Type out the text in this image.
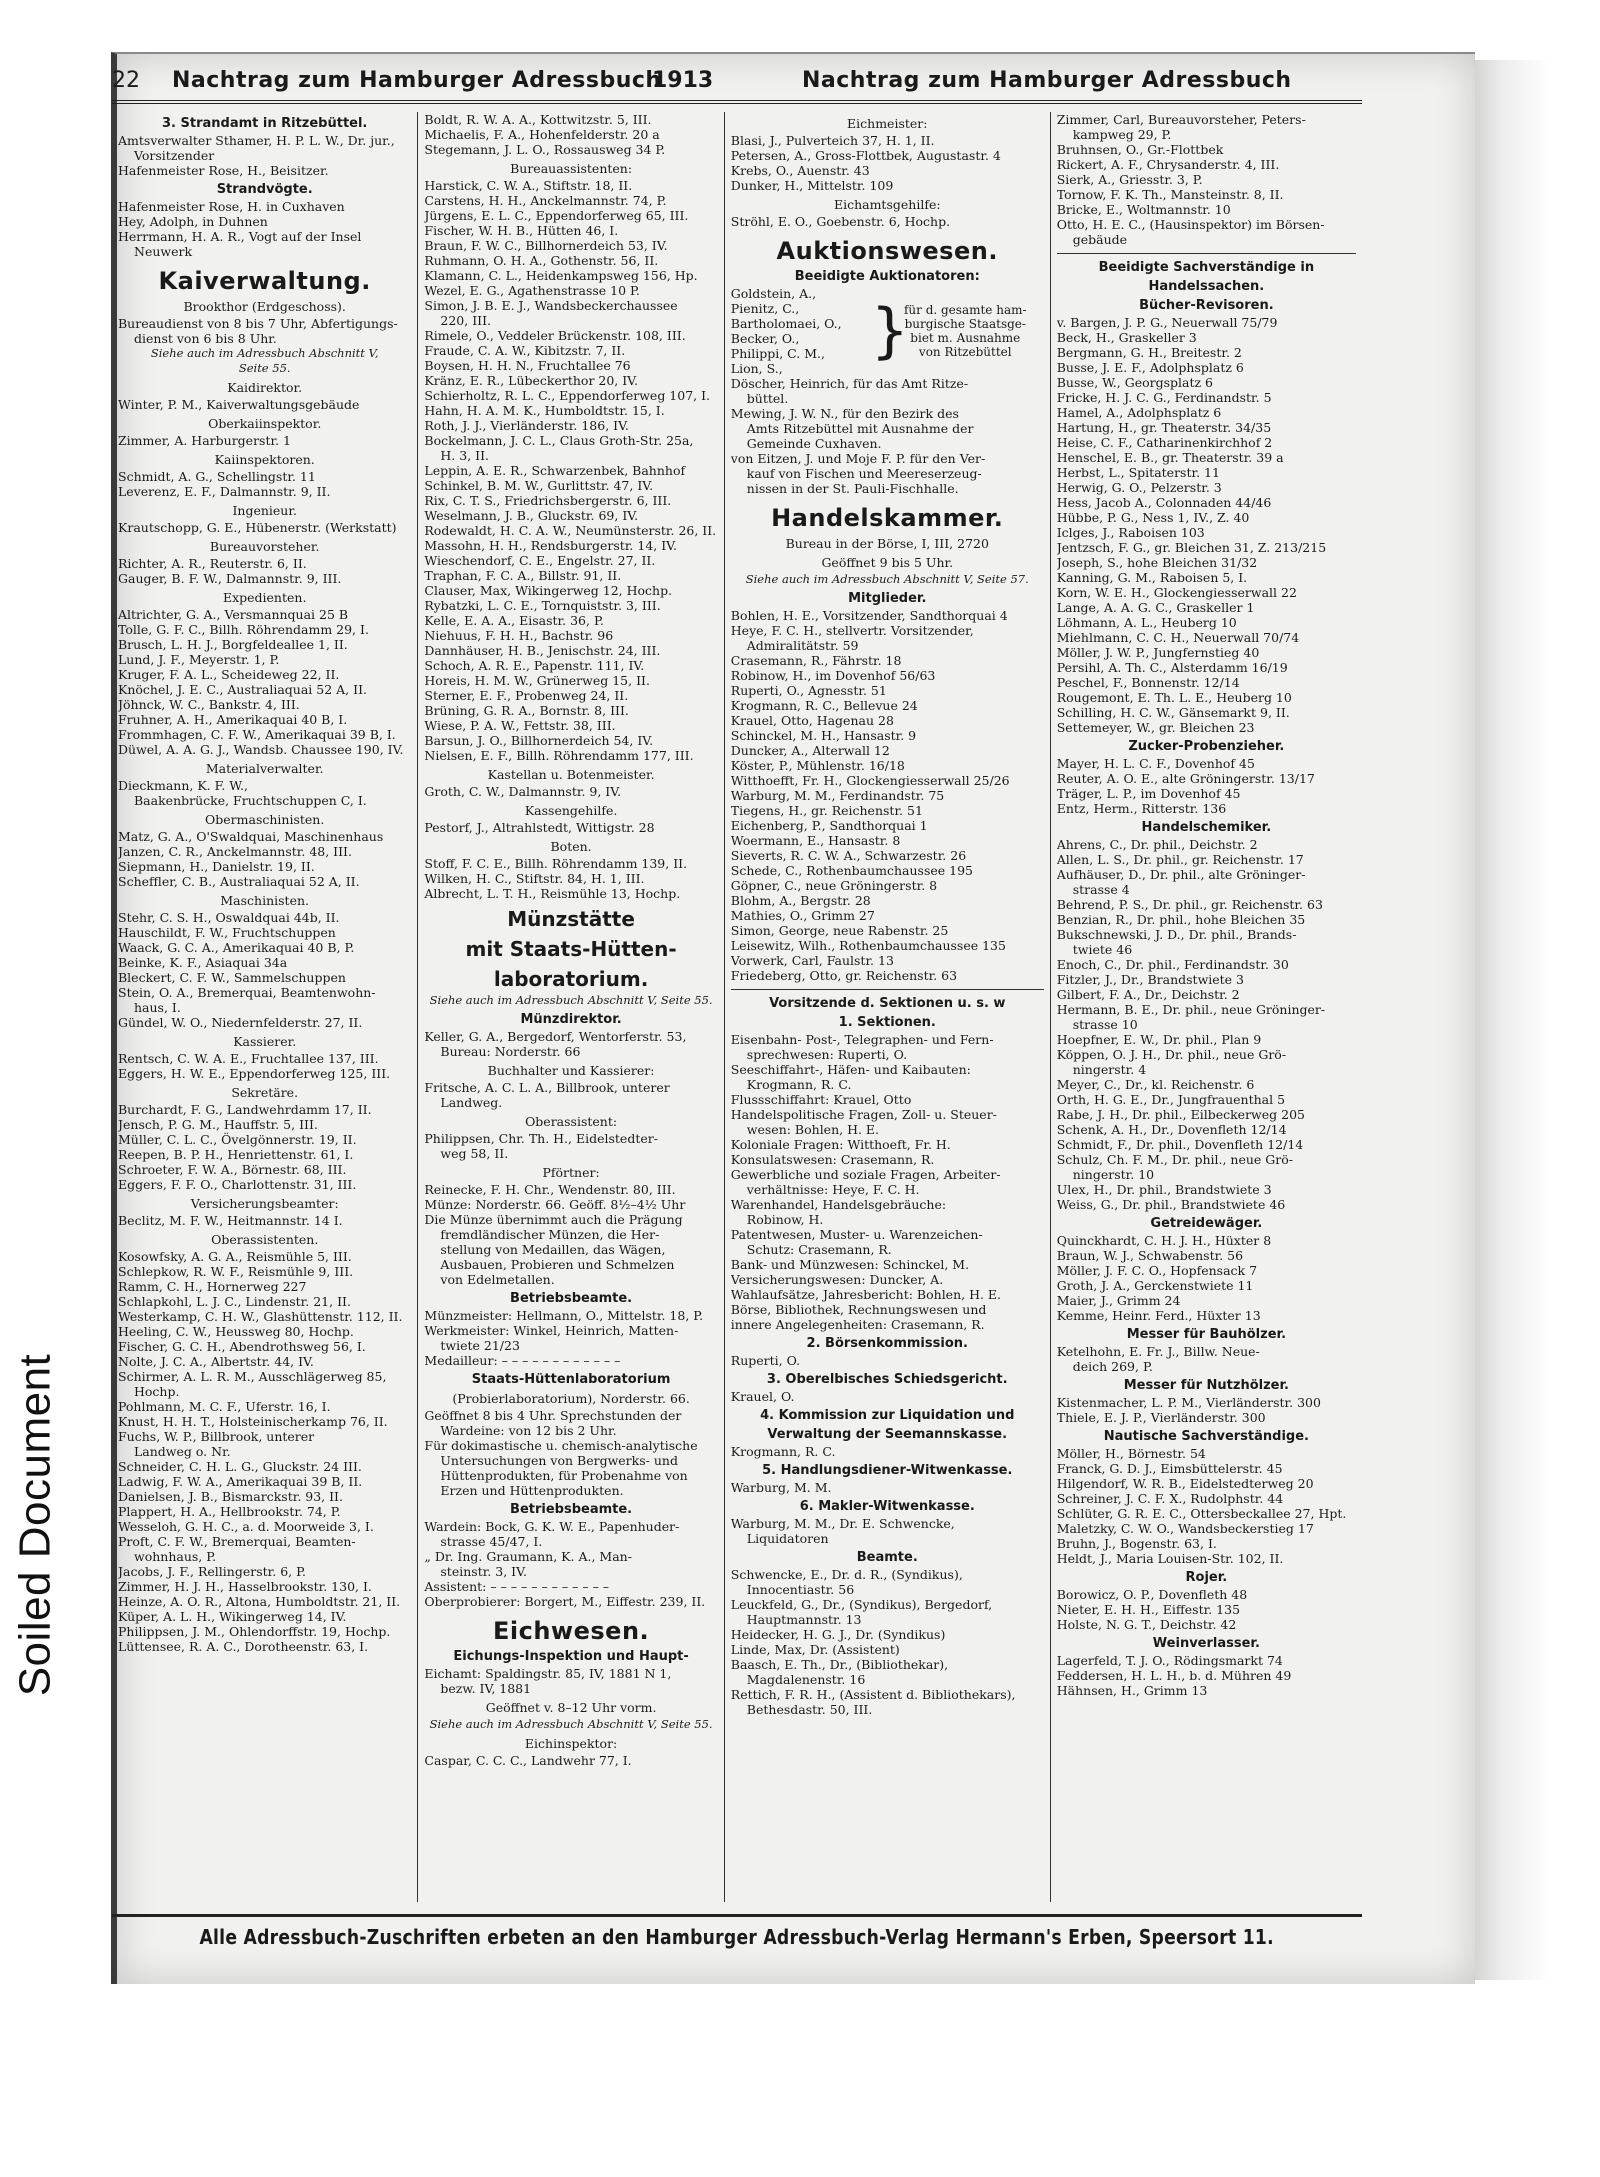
22	Nachtrag zum Hamburger Adressbuch
1913	Nachtrag zum Hamburger Adressbuch
3. Strandamt in Ritzebüttel.
Amtsverwalter Sthamer, H. P. L. W., Dr. jur.,
Vorsitzender
Hafenmeister Rose, H., Beisitzer.
Strandvögte.
Hafenmeister Rose, H. in Cuxhaven
Hey, Adolph, in Duhnen
Herrmann, H. A. R., Vogt auf der Insel
Neuwerk
Kaiverwaltung.
Brookthor (Erdgeschoss).
Bureaudienst von 8 bis 7 Uhr, Abfertigungs-
dienst von 6 bis 8 Uhr.
Siehe auch im Adressbuch Abschnitt V,
Seite 55.
Kaidirektor.
Winter, P. M., Kaiverwaltungsgebäude
Oberkaiinspektor.
Zimmer, A. Harburgerstr. 1
Kaiinspektoren.
Schmidt, A. G., Schellingstr. 11
Leverenz, E. F., Dalmannstr. 9, II.
Ingenieur.
Krautschopp, G. E., Hübenerstr. (Werkstatt)
Bureauvorsteher.
Richter, A. R., Reuterstr. 6, II.
Gauger, B. F. W., Dalmannstr. 9, III.
Expedienten.
Altrichter, G. A., Versmannquai 25 B
Tolle, G. F. C., Billh. Röhrendamm 29, I.
Brusch, L. H. J., Borgfeldeallee 1, II.
Lund, J. F., Meyerstr. 1, P.
Kruger, F. A. L., Scheideweg 22, II.
Knöchel, J. E. C., Australiaquai 52 A, II.
Jöhnck, W. C., Bankstr. 4, III.
Fruhner, A. H., Amerikaquai 40 B, I.
Frommhagen, C. F. W., Amerikaquai 39 B, I.
Düwel, A. A. G. J., Wandsb. Chaussee 190, IV.
Materialverwalter.
Dieckmann, K. F. W.,
Baakenbrücke, Fruchtschuppen C, I.
Obermaschinisten.
Matz, G. A., O'Swaldquai, Maschinenhaus
Janzen, C. R., Anckelmannstr. 48, III.
Siepmann, H., Danielstr. 19, II.
Scheffler, C. B., Australiaquai 52 A, II.
Maschinisten.
Stehr, C. S. H., Oswaldquai 44b, II.
Hauschildt, F. W., Fruchtschuppen
Waack, G. C. A., Amerikaquai 40 B, P.
Beinke, K. F., Asiaquai 34a
Bleckert, C. F. W., Sammelschuppen
Stein, O. A., Bremerquai, Beamtenwohn-
haus, I.
Gündel, W. O., Niedernfelderstr. 27, II.
Kassierer.
Rentsch, C. W. A. E., Fruchtallee 137, III.
Eggers, H. W. E., Eppendorferweg 125, III.
Sekretäre.
Burchardt, F. G., Landwehrdamm 17, II.
Jensch, P. G. M., Hauffstr. 5, III.
Müller, C. L. C., Övelgönnerstr. 19, II.
Reepen, B. P. H., Henriettenstr. 61, I.
Schroeter, F. W. A., Börnestr. 68, III.
Eggers, F. F. O., Charlottenstr. 31, III.
Versicherungsbeamter:
Beclitz, M. F. W., Heitmannstr. 14 I.
Oberassistenten.
Kosowfsky, A. G. A., Reismühle 5, III.
Schlepkow, R. W. F., Reismühle 9, III.
Ramm, C. H., Hornerweg 227
Schlapkohl, L. J. C., Lindenstr. 21, II.
Westerkamp, C. H. W., Glashüttenstr. 112, II.
Heeling, C. W., Heussweg 80, Hochp.
Fischer, G. C. H., Abendrothsweg 56, I.
Nolte, J. C. A., Albertstr. 44, IV.
Schirmer, A. L. R. M., Ausschlägerweg 85,
Hochp.
Pohlmann, M. C. F., Uferstr. 16, I.
Knust, H. H. T., Holsteinischerkamp 76, II.
Fuchs, W. P., Billbrook, unterer
Landweg o. Nr.
Schneider, C. H. L. G., Gluckstr. 24 III.
Ladwig, F. W. A., Amerikaquai 39 B, II.
Danielsen, J. B., Bismarckstr. 93, II.
Plappert, H. A., Hellbrookstr. 74, P.
Wesseloh, G. H. C., a. d. Moorweide 3, I.
Proft, C. F. W., Bremerquai, Beamten-
wohnhaus, P.
Jacobs, J. F., Rellingerstr. 6, P.
Zimmer, H. J. H., Hasselbrookstr. 130, I.
Heinze, A. O. R., Altona, Humboldtstr. 21, II.
Küper, A. L. H., Wikingerweg 14, IV.
Philippsen, J. M., Ohlendorffstr. 19, Hochp.
Lüttensee, R. A. C., Dorotheenstr. 63, I.
Boldt, R. W. A. A., Kottwitzstr. 5, III.
Michaelis, F. A., Hohenfelderstr. 20 a
Stegemann, J. L. O., Rossausweg 34 P.
Bureauassistenten:
Harstick, C. W. A., Stiftstr. 18, II.
Carstens, H. H., Anckelmannstr. 74, P.
Jürgens, E. L. C., Eppendorferweg 65, III.
Fischer, W. H. B., Hütten 46, I.
Braun, F. W. C., Billhornerdeich 53, IV.
Ruhmann, O. H. A., Gothenstr. 56, II.
Klamann, C. L., Heidenkampsweg 156, Hp.
Wezel, E. G., Agathenstrasse 10 P.
Simon, J. B. E. J., Wandsbeckerchaussee
220, III.
Rimele, O., Veddeler Brückenstr. 108, III.
Fraude, C. A. W., Kibitzstr. 7, II.
Boysen, H. H. N., Fruchtallee 76
Kränz, E. R., Lübeckerthor 20, IV.
Schierholtz, R. L. C., Eppendorferweg 107, I.
Hahn, H. A. M. K., Humboldtstr. 15, I.
Roth, J. J., Vierländerstr. 186, IV.
Bockelmann, J. C. L., Claus Groth-Str. 25a,
H. 3, II.
Leppin, A. E. R., Schwarzenbek, Bahnhof
Schinkel, B. M. W., Gurlittstr. 47, IV.
Rix, C. T. S., Friedrichsbergerstr. 6, III.
Weselmann, J. B., Gluckstr. 69, IV.
Rodewaldt, H. C. A. W., Neumünsterstr. 26, II.
Massohn, H. H., Rendsburgerstr. 14, IV.
Wieschendorf, C. E., Engelstr. 27, II.
Traphan, F. C. A., Billstr. 91, II.
Clauser, Max, Wikingerweg 12, Hochp.
Rybatzki, L. C. E., Tornquiststr. 3, III.
Kelle, E. A. A., Eisastr. 36, P.
Niehuus, F. H. H., Bachstr. 96
Dannhäuser, H. B., Jenischstr. 24, III.
Schoch, A. R. E., Papenstr. 111, IV.
Horeis, H. M. W., Grünerweg 15, II.
Sterner, E. F., Probenweg 24, II.
Brüning, G. R. A., Bornstr. 8, III.
Wiese, P. A. W., Fettstr. 38, III.
Barsun, J. O., Billhornerdeich 54, IV.
Nielsen, E. F., Billh. Röhrendamm 177, III.
Kastellan u. Botenmeister.
Groth, C. W., Dalmannstr. 9, IV.
Kassengehilfe.
Pestorf, J., Altrahlstedt, Wittigstr. 28
Boten.
Stoff, F. C. E., Billh. Röhrendamm 139, II.
Wilken, H. C., Stiftstr. 84, H. 1, III.
Albrecht, L. T. H., Reismühle 13, Hochp.
Münzstätte
mit Staats-Hütten-
laboratorium.
Siehe auch im Adressbuch Abschnitt V, Seite 55.
Münzdirektor.
Keller, G. A., Bergedorf, Wentorferstr. 53,
Bureau: Norderstr. 66
Buchhalter und Kassierer:
Fritsche, A. C. L. A., Billbrook, unterer
Landweg.
Oberassistent:
Philippsen, Chr. Th. H., Eidelstedter-
weg 58, II.
Pförtner:
Reinecke, F. H. Chr., Wendenstr. 80, III.
Münze: Norderstr. 66. Geöff. 8½–4½ Uhr
Die Münze übernimmt auch die Prägung
fremdländischer Münzen, die Her-
stellung von Medaillen, das Wägen,
Ausbauen, Probieren und Schmelzen
von Edelmetallen.
Betriebsbeamte.
Münzmeister: Hellmann, O., Mittelstr. 18, P.
Werkmeister: Winkel, Heinrich, Matten-
twiete 21/23
Medailleur: – – – – – – – – – – – –
Staats-Hüttenlaboratorium
(Probierlaboratorium), Norderstr. 66.
Geöffnet 8 bis 4 Uhr. Sprechstunden der
Wardeine: von 12 bis 2 Uhr.
Für dokimastische u. chemisch-analytische
Untersuchungen von Bergwerks- und
Hüttenprodukten, für Probenahme von
Erzen und Hüttenprodukten.
Betriebsbeamte.
Wardein: Bock, G. K. W. E., Papenhuder-
strasse 45/47, I.
„ Dr. Ing. Graumann, K. A., Man-
steinstr. 3, IV.
Assistent: – – – – – – – – – – – –
Oberprobierer: Borgert, M., Eiffestr. 239, II.
Eichwesen.
Eichungs-Inspektion und Haupt-
Eichamt: Spaldingstr. 85, IV, 1881 N 1,
bezw. IV, 1881
Geöffnet v. 8–12 Uhr vorm.
Siehe auch im Adressbuch Abschnitt V, Seite 55.
Eichinspektor:
Caspar, C. C. C., Landwehr 77, I.
Eichmeister:
Blasi, J., Pulverteich 37, H. 1, II.
Petersen, A., Gross-Flottbek, Augustastr. 4
Krebs, O., Auenstr. 43
Dunker, H., Mittelstr. 109
Eichamtsgehilfe:
Ströhl, E. O., Goebenstr. 6, Hochp.
Auktionswesen.
Beeidigte Auktionatoren:
Goldstein, A.,
Pienitz, C.,
Bartholomaei, O.,
Becker, O.,
Philippi, C. M.,
Lion, S.,
}
für d. gesamte ham-
burgische Staatsge-
biet m. Ausnahme
von Ritzebüttel
Döscher, Heinrich, für das Amt Ritze-
büttel.
Mewing, J. W. N., für den Bezirk des
Amts Ritzebüttel mit Ausnahme der
Gemeinde Cuxhaven.
von Eitzen, J. und Moje F. P. für den Ver-
kauf von Fischen und Meereserzeug-
nissen in der St. Pauli-Fischhalle.
Handelskammer.
Bureau in der Börse, I, III, 2720
Geöffnet 9 bis 5 Uhr.
Siehe auch im Adressbuch Abschnitt V, Seite 57.
Mitglieder.
Bohlen, H. E., Vorsitzender, Sandthorquai 4
Heye, F. C. H., stellvertr. Vorsitzender,
Admiralitätstr. 59
Crasemann, R., Fährstr. 18
Robinow, H., im Dovenhof 56/63
Ruperti, O., Agnesstr. 51
Krogmann, R. C., Bellevue 24
Krauel, Otto, Hagenau 28
Schinckel, M. H., Hansastr. 9
Duncker, A., Alterwall 12
Köster, P., Mühlenstr. 16/18
Witthoefft, Fr. H., Glockengiesserwall 25/26
Warburg, M. M., Ferdinandstr. 75
Tiegens, H., gr. Reichenstr. 51
Eichenberg, P., Sandthorquai 1
Woermann, E., Hansastr. 8
Sieverts, R. C. W. A., Schwarzestr. 26
Schede, C., Rothenbaumchaussee 195
Göpner, C., neue Gröningerstr. 8
Blohm, A., Bergstr. 28
Mathies, O., Grimm 27
Simon, George, neue Rabenstr. 25
Leisewitz, Wilh., Rothenbaumchaussee 135
Vorwerk, Carl, Faulstr. 13
Friedeberg, Otto, gr. Reichenstr. 63
Vorsitzende d. Sektionen u. s. w
1. Sektionen.
Eisenbahn- Post-, Telegraphen- und Fern-
sprechwesen: Ruperti, O.
Seeschiffahrt-, Häfen- und Kaibauten:
Krogmann, R. C.
Flussschiffahrt: Krauel, Otto
Handelspolitische Fragen, Zoll- u. Steuer-
wesen: Bohlen, H. E.
Koloniale Fragen: Witthoeft, Fr. H.
Konsulatswesen: Crasemann, R.
Gewerbliche und soziale Fragen, Arbeiter-
verhältnisse: Heye, F. C. H.
Warenhandel, Handelsgebräuche:
Robinow, H.
Patentwesen, Muster- u. Warenzeichen-
Schutz: Crasemann, R.
Bank- und Münzwesen: Schinckel, M.
Versicherungswesen: Duncker, A.
Wahlaufsätze, Jahresbericht: Bohlen, H. E.
Börse, Bibliothek, Rechnungswesen und
innere Angelegenheiten: Crasemann, R.
2. Börsenkommission.
Ruperti, O.
3. Oberelbisches Schiedsgericht.
Krauel, O.
4. Kommission zur Liquidation und
Verwaltung der Seemannskasse.
Krogmann, R. C.
5. Handlungsdiener-Witwenkasse.
Warburg, M. M.
6. Makler-Witwenkasse.
Warburg, M. M., Dr. E. Schwencke,
Liquidatoren
Beamte.
Schwencke, E., Dr. d. R., (Syndikus),
Innocentiastr. 56
Leuckfeld, G., Dr., (Syndikus), Bergedorf,
Hauptmannstr. 13
Heidecker, H. G. J., Dr. (Syndikus)
Linde, Max, Dr. (Assistent)
Baasch, E. Th., Dr., (Bibliothekar),
Magdalenenstr. 16
Rettich, F. R. H., (Assistent d. Bibliothekars),
Bethesdastr. 50, III.
Zimmer, Carl, Bureauvorsteher, Peters-
kampweg 29, P.
Bruhnsen, O., Gr.-Flottbek
Rickert, A. F., Chrysanderstr. 4, III.
Sierk, A., Griesstr. 3, P.
Tornow, F. K. Th., Mansteinstr. 8, II.
Bricke, E., Woltmannstr. 10
Otto, H. E. C., (Hausinspektor) im Börsen-
gebäude
Beeidigte Sachverständige in
Handelssachen.
Bücher-Revisoren.
v. Bargen, J. P. G., Neuerwall 75/79
Beck, H., Graskeller 3
Bergmann, G. H., Breitestr. 2
Busse, J. E. F., Adolphsplatz 6
Busse, W., Georgsplatz 6
Fricke, H. J. C. G., Ferdinandstr. 5
Hamel, A., Adolphsplatz 6
Hartung, H., gr. Theaterstr. 34/35
Heise, C. F., Catharinenkirchhof 2
Henschel, E. B., gr. Theaterstr. 39 a
Herbst, L., Spitaterstr. 11
Herwig, G. O., Pelzerstr. 3
Hess, Jacob A., Colonnaden 44/46
Hübbe, P. G., Ness 1, IV., Z. 40
Iclges, J., Raboisen 103
Jentzsch, F. G., gr. Bleichen 31, Z. 213/215
Joseph, S., hohe Bleichen 31/32
Kanning, G. M., Raboisen 5, I.
Korn, W. E. H., Glockengiesserwall 22
Lange, A. A. G. C., Graskeller 1
Löhmann, A. L., Heuberg 10
Miehlmann, C. C. H., Neuerwall 70/74
Möller, J. W. P., Jungfernstieg 40
Persihl, A. Th. C., Alsterdamm 16/19
Peschel, F., Bonnenstr. 12/14
Rougemont, E. Th. L. E., Heuberg 10
Schilling, H. C. W., Gänsemarkt 9, II.
Settemeyer, W., gr. Bleichen 23
Zucker-Probenzieher.
Mayer, H. L. C. F., Dovenhof 45
Reuter, A. O. E., alte Gröningerstr. 13/17
Träger, L. P., im Dovenhof 45
Entz, Herm., Ritterstr. 136
Handelschemiker.
Ahrens, C., Dr. phil., Deichstr. 2
Allen, L. S., Dr. phil., gr. Reichenstr. 17
Aufhäuser, D., Dr. phil., alte Gröninger-
strasse 4
Behrend, P. S., Dr. phil., gr. Reichenstr. 63
Benzian, R., Dr. phil., hohe Bleichen 35
Bukschnewski, J. D., Dr. phil., Brands-
twiete 46
Enoch, C., Dr. phil., Ferdinandstr. 30
Fitzler, J., Dr., Brandstwiete 3
Gilbert, F. A., Dr., Deichstr. 2
Hermann, B. E., Dr. phil., neue Gröninger-
strasse 10
Hoepfner, E. W., Dr. phil., Plan 9
Köppen, O. J. H., Dr. phil., neue Grö-
ningerstr. 4
Meyer, C., Dr., kl. Reichenstr. 6
Orth, H. G. E., Dr., Jungfrauenthal 5
Rabe, J. H., Dr. phil., Eilbeckerweg 205
Schenk, A. H., Dr., Dovenfleth 12/14
Schmidt, F., Dr. phil., Dovenfleth 12/14
Schulz, Ch. F. M., Dr. phil., neue Grö-
ningerstr. 10
Ulex, H., Dr. phil., Brandstwiete 3
Weiss, G., Dr. phil., Brandstwiete 46
Getreidewäger.
Quinckhardt, C. H. J. H., Hüxter 8
Braun, W. J., Schwabenstr. 56
Möller, J. F. C. O., Hopfensack 7
Groth, J. A., Gerckenstwiete 11
Maier, J., Grimm 24
Kemme, Heinr. Ferd., Hüxter 13
Messer für Bauhölzer.
Ketelhohn, E. Fr. J., Billw. Neue-
deich 269, P.
Messer für Nutzhölzer.
Kistenmacher, L. P. M., Vierländerstr. 300
Thiele, E. J. P., Vierländerstr. 300
Nautische Sachverständige.
Möller, H., Börnestr. 54
Franck, G. D. J., Eimsbüttelerstr. 45
Hilgendorf, W. R. B., Eidelstedterweg 20
Schreiner, J. C. F. X., Rudolphstr. 44
Schlüter, G. R. E. C., Ottersbeckallee 27, Hpt.
Maletzky, C. W. O., Wandsbeckerstieg 17
Bruhn, J., Bogenstr. 63, I.
Heldt, J., Maria Louisen-Str. 102, II.
Rojer.
Borowicz, O. P., Dovenfleth 48
Nieter, E. H. H., Eiffestr. 135
Holste, N. G. T., Deichstr. 42
Weinverlasser.
Lagerfeld, T. J. O., Rödingsmarkt 74
Feddersen, H. L. H., b. d. Mühren 49
Hähnsen, H., Grimm 13
Alle Adressbuch-Zuschriften erbeten an den Hamburger Adressbuch-Verlag Hermann's Erben, Speersort 11.
Soiled Document
